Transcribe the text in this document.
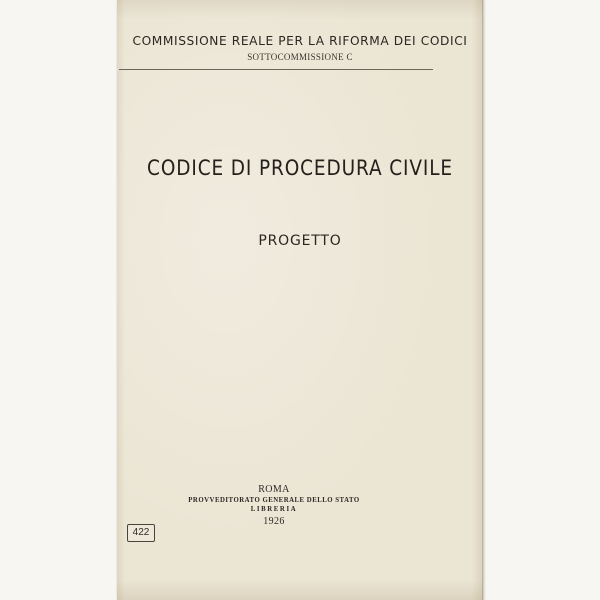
COMMISSIONE REALE PER LA RIFORMA DEI CODICI
SOTTOCOMMISSIONE C
CODICE DI PROCEDURA CIVILE
PROGETTO
ROMA
PROVVEDITORATO GENERALE DELLO STATO
LIBRERIA
1926
422
